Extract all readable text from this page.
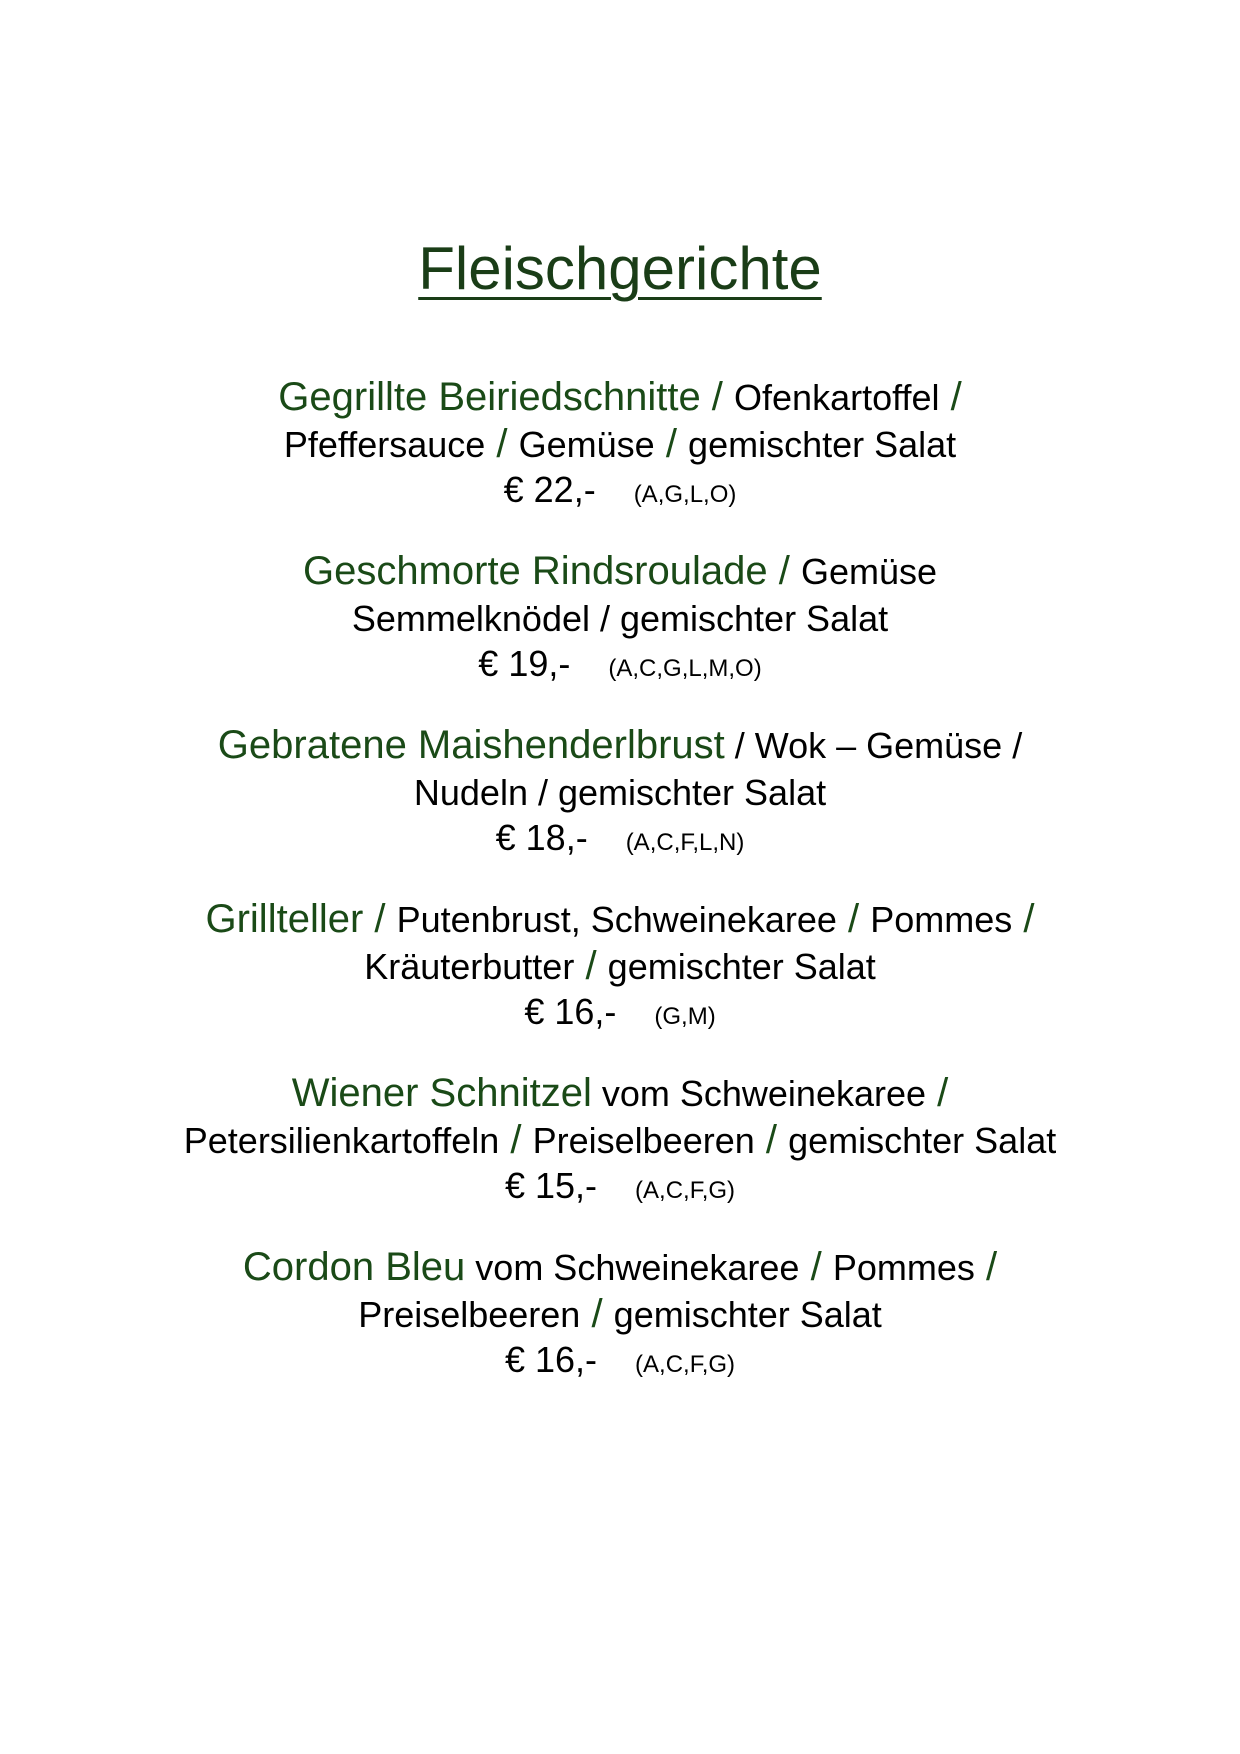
Fleischgerichte
Gegrillte Beiriedschnitte / Ofenkartoffel /
Pfeffersauce / Gemüse / gemischter Salat
€ 22,- (A,G,L,O)
Geschmorte Rindsroulade / Gemüse
Semmelknödel / gemischter Salat
€ 19,- (A,C,G,L,M,O)
Gebratene Maishenderlbrust / Wok – Gemüse /
Nudeln / gemischter Salat
€ 18,- (A,C,F,L,N)
Grillteller / Putenbrust, Schweinekaree / Pommes /
Kräuterbutter / gemischter Salat
€ 16,- (G,M)
Wiener Schnitzel vom Schweinekaree /
Petersilienkartoffeln / Preiselbeeren / gemischter Salat
€ 15,- (A,C,F,G)
Cordon Bleu vom Schweinekaree / Pommes /
Preiselbeeren / gemischter Salat
€ 16,- (A,C,F,G)
